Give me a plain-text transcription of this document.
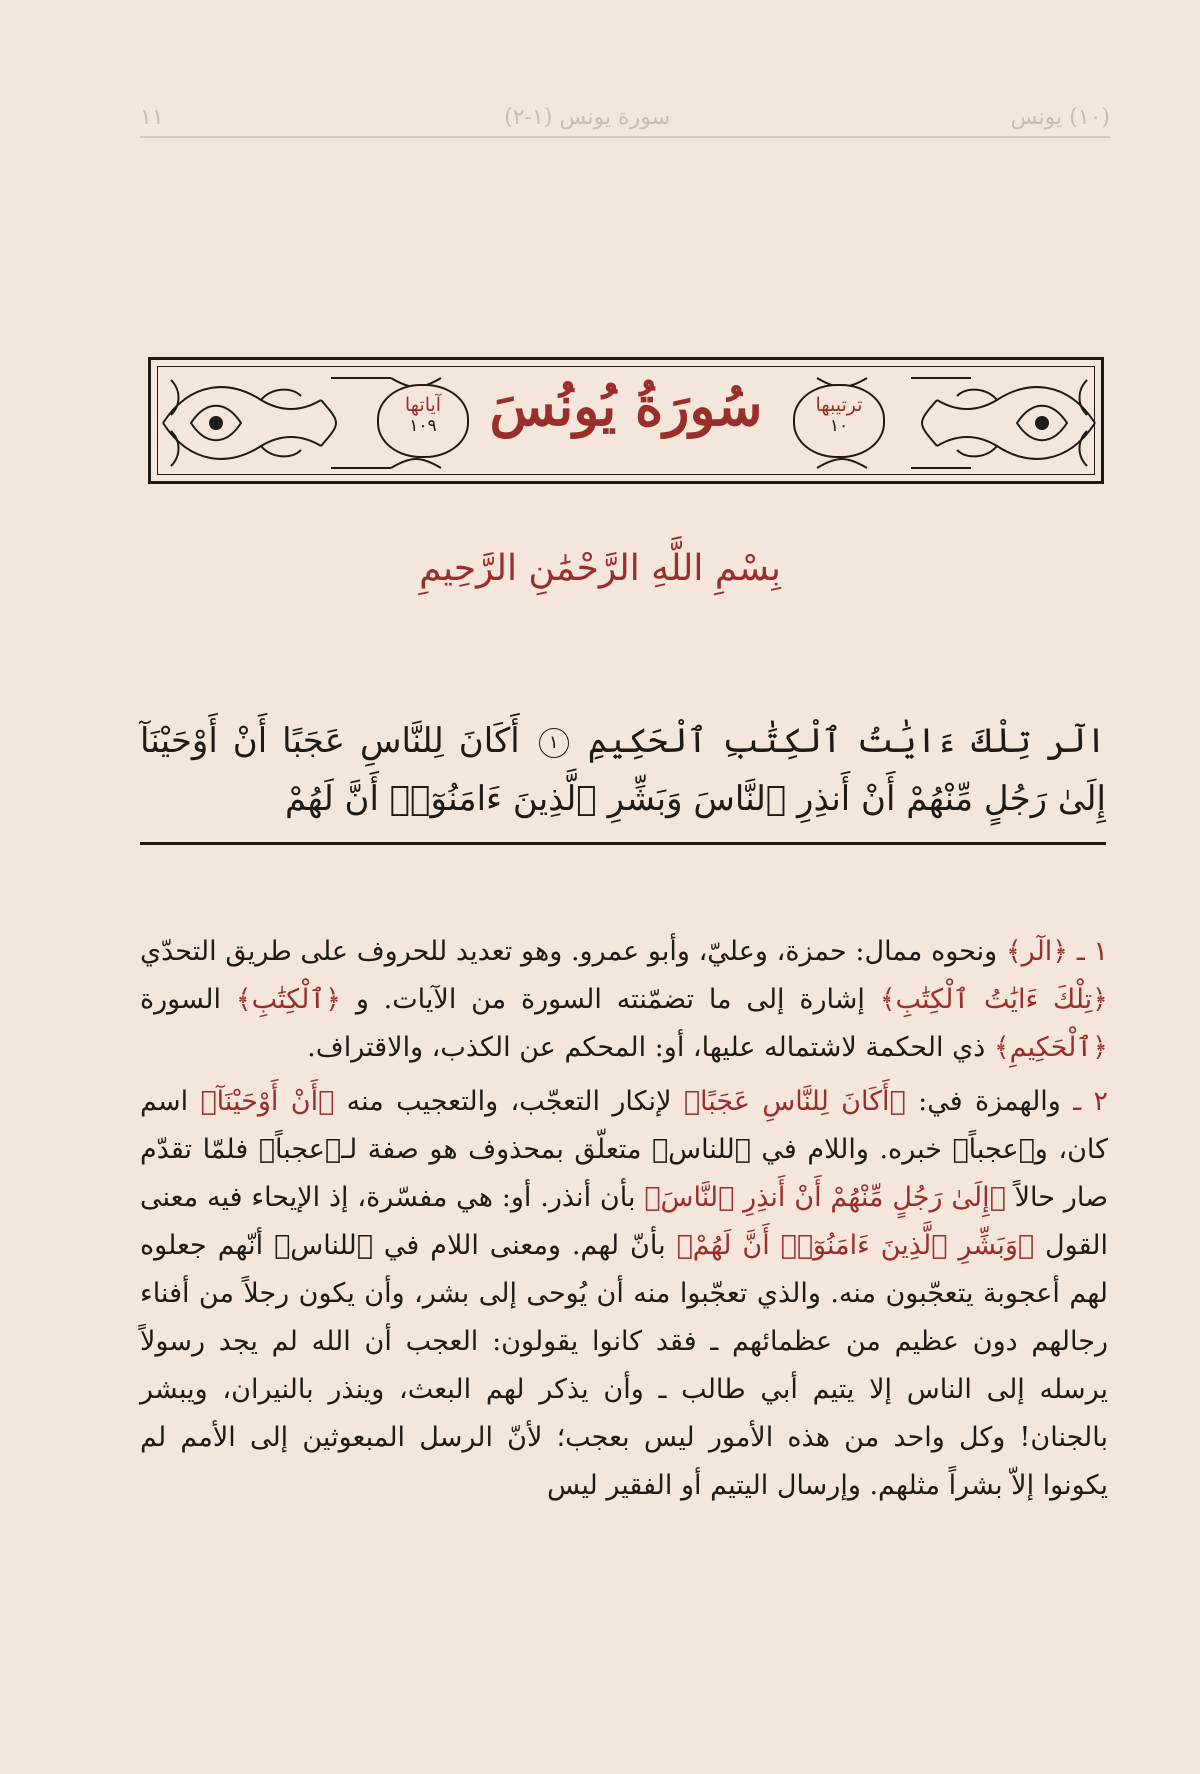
(١٠) يونس
سورة يونس (١-٢)
١١
آياتها
١٠٩
ترتيبها
١٠
سُورَةُ يُونُسَ
بِسْمِ اللَّهِ الرَّحْمَٰنِ الرَّحِيمِ
الٓر تِلْكَ ءَايَٰتُ ٱلْكِتَٰبِ ٱلْحَكِيمِ ١ أَكَانَ لِلنَّاسِ عَجَبًا أَنْ أَوْحَيْنَآ إِلَىٰ رَجُلٍ مِّنْهُمْ أَنْ أَنذِرِ ٱلنَّاسَ وَبَشِّرِ ٱلَّذِينَ ءَامَنُوٓا۟ أَنَّ لَهُمْ

١ ـ ﴿الٓر﴾ ونحوه ممال: حمزة، وعليّ، وأبو عمرو. وهو تعديد للحروف على طريق التحدّي ﴿تِلْكَ ءَايَٰتُ ٱلْكِتَٰبِ﴾ إشارة إلى ما تضمّنته السورة من الآيات. و ﴿ٱلْكِتَٰبِ﴾ السورة ﴿ٱلْحَكِيمِ﴾ ذي الحكمة لاشتماله عليها، أو: المحكم عن الكذب، والاقتراف.

٢ ـ والهمزة في: ﴿أَكَانَ لِلنَّاسِ عَجَبًا﴾ لإنكار التعجّب، والتعجيب منه ﴿أَنْ أَوْحَيْنَآ﴾ اسم كان، و﴿عجباً﴾ خبره. واللام في ﴿للناس﴾ متعلّق بمحذوف هو صفة لـ﴿عجباً﴾ فلمّا تقدّم صار حالاً ﴿إِلَىٰ رَجُلٍ مِّنْهُمْ أَنْ أَنذِرِ ٱلنَّاسَ﴾ بأن أنذر. أو: هي مفسّرة، إذ الإيحاء فيه معنى القول ﴿وَبَشِّرِ ٱلَّذِينَ ءَامَنُوٓا۟ أَنَّ لَهُمْ﴾ بأنّ لهم. ومعنى اللام في ﴿للناس﴾ أنّهم جعلوه لهم أعجوبة يتعجّبون منه. والذي تعجّبوا منه أن يُوحى إلى بشر، وأن يكون رجلاً من أفناء رجالهم دون عظيم من عظمائهم ـ فقد كانوا يقولون: العجب أن الله لم يجد رسولاً يرسله إلى الناس إلا يتيم أبي طالب ـ وأن يذكر لهم البعث، وينذر بالنيران، ويبشر بالجنان! وكل واحد من هذه الأمور ليس بعجب؛ لأنّ الرسل المبعوثين إلى الأمم لم يكونوا إلاّ بشراً مثلهم. وإرسال اليتيم أو الفقير ليس
